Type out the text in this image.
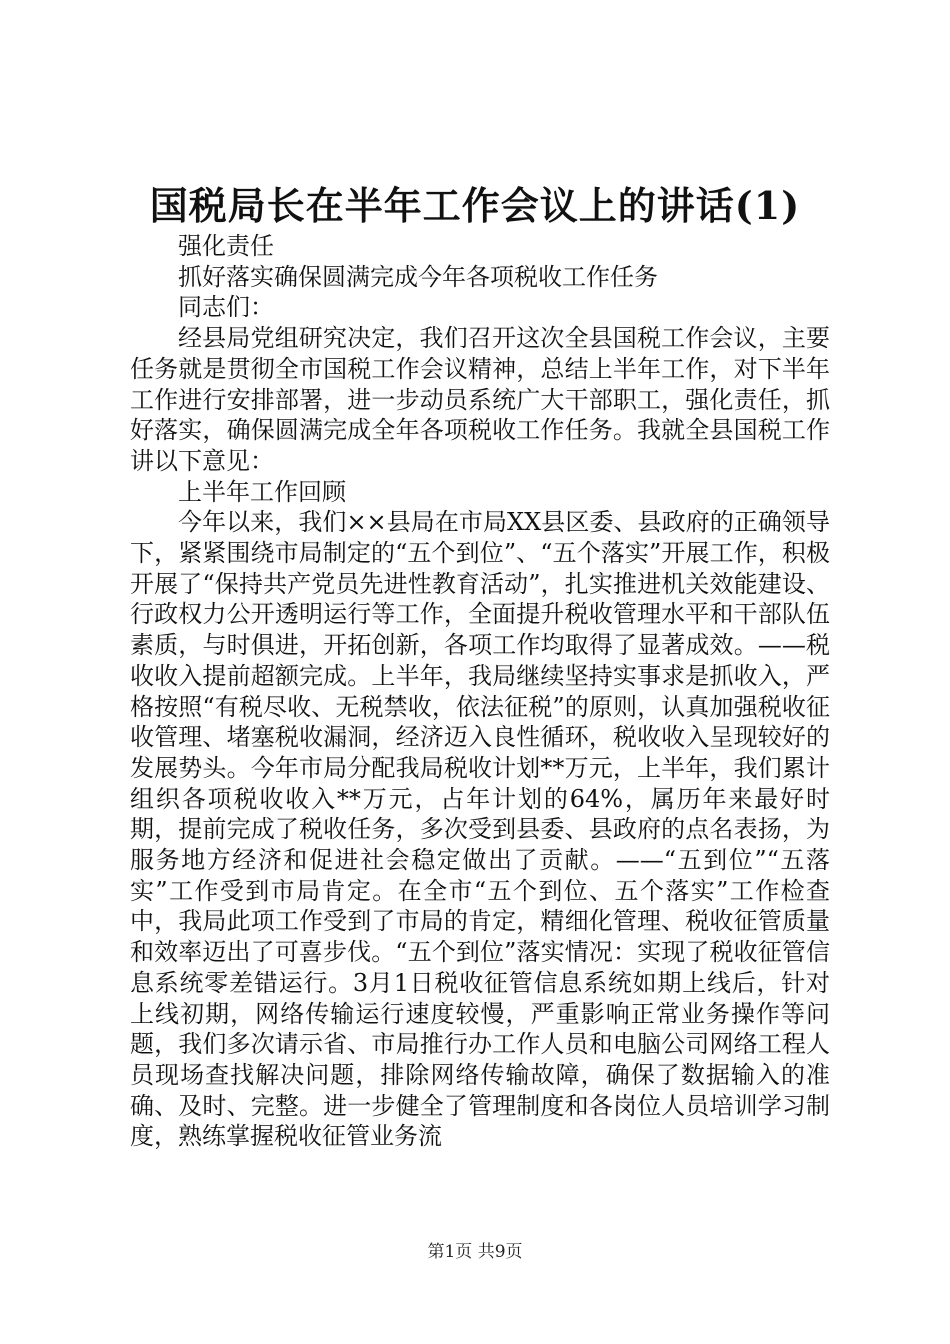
国税局长在半年工作会议上的讲话(1)

强化责任

抓好落实确保圆满完成今年各项税收工作任务

同志们：

经县局党组研究决定，我们召开这次全县国税工作会议，主要任务就是贯彻全市国税工作会议精神，总结上半年工作，对下半年工作进行安排部署，进一步动员系统广大干部职工，强化责任，抓好落实，确保圆满完成全年各项税收工作任务。我就全县国税工作讲以下意见：

上半年工作回顾

今年以来，我们××县局在市局XX县区委、县政府的正确领导下，紧紧围绕市局制定的“五个到位”、“五个落实”开展工作，积极开展了“保持共产党员先进性教育活动”，扎实推进机关效能建设、行政权力公开透明运行等工作，全面提升税收管理水平和干部队伍素质，与时俱进，开拓创新，各项工作均取得了显著成效。——税收收入提前超额完成。上半年，我局继续坚持实事求是抓收入，严格按照“有税尽收、无税禁收，依法征税”的原则，认真加强税收征收管理、堵塞税收漏洞，经济迈入良性循环，税收收入呈现较好的发展势头。今年市局分配我局税收计划**万元，上半年，我们累计组织各项税收收入**万元，占年计划的64%，属历年来最好时期，提前完成了税收任务，多次受到县委、县政府的点名表扬，为服务地方经济和促进社会稳定做出了贡献。——“五到位”“五落实”工作受到市局肯定。在全市“五个到位、五个落实”工作检查中，我局此项工作受到了市局的肯定，精细化管理、税收征管质量和效率迈出了可喜步伐。“五个到位”落实情况：实现了税收征管信息系统零差错运行。3月1日税收征管信息系统如期上线后，针对上线初期，网络传输运行速度较慢，严重影响正常业务操作等问题，我们多次请示省、市局推行办工作人员和电脑公司网络工程人员现场查找解决问题，排除网络传输故障，确保了数据输入的准确、及时、完整。进一步健全了管理制度和各岗位人员培训学习制度，熟练掌握税收征管业务流

第1页 共9页
